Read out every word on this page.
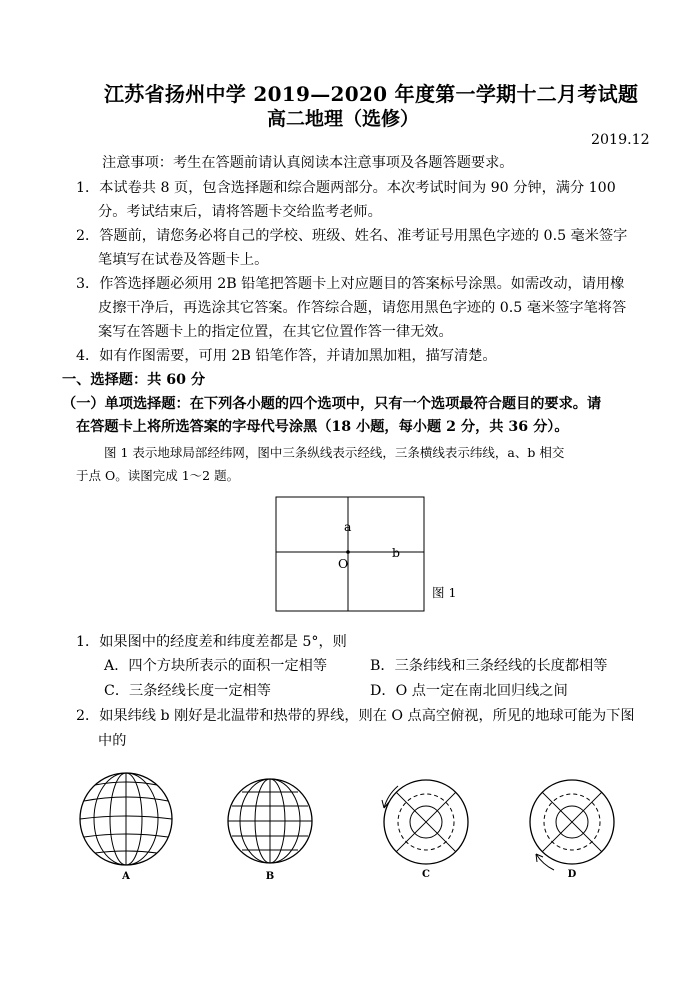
江苏省扬州中学 2019—2020 年度第一学期十二月考试题
高二地理（选修）
2019.12
注意事项：考生在答题前请认真阅读本注意事项及各题答题要求。
1．本试卷共 8 页，包含选择题和综合题两部分。本次考试时间为 90 分钟，满分 100
分。考试结束后，请将答题卡交给监考老师。
2．答题前，请您务必将自己的学校、班级、姓名、准考证号用黑色字迹的 0.5 毫米签字
笔填写在试卷及答题卡上。
3．作答选择题必须用 2B 铅笔把答题卡上对应题目的答案标号涂黑。如需改动，请用橡
皮擦干净后，再选涂其它答案。作答综合题，请您用黑色字迹的 0.5 毫米签字笔将答
案写在答题卡上的指定位置，在其它位置作答一律无效。
4．如有作图需要，可用 2B 铅笔作答，并请加黑加粗，描写清楚。
一、选择题：共 60 分
（一）单项选择题：在下列各小题的四个选项中，只有一个选项最符合题目的要求。请
在答题卡上将所选答案的字母代号涂黑（18 小题，每小题 2 分，共 36 分）。
图 1 表示地球局部经纬网，图中三条纵线表示经线，三条横线表示纬线，a、b 相交
于点 O。读图完成 1～2 题。
a
b
O
图 1
1．如果图中的经度差和纬度差都是 5°，则
A．四个方块所表示的面积一定相等	B．三条纬线和三条经线的长度都相等
C．三条经线长度一定相等	D．O 点一定在南北回归线之间
2．如果纬线 b 刚好是北温带和热带的界线，则在 O 点高空俯视，所见的地球可能为下图
中的
A	B	C	D
